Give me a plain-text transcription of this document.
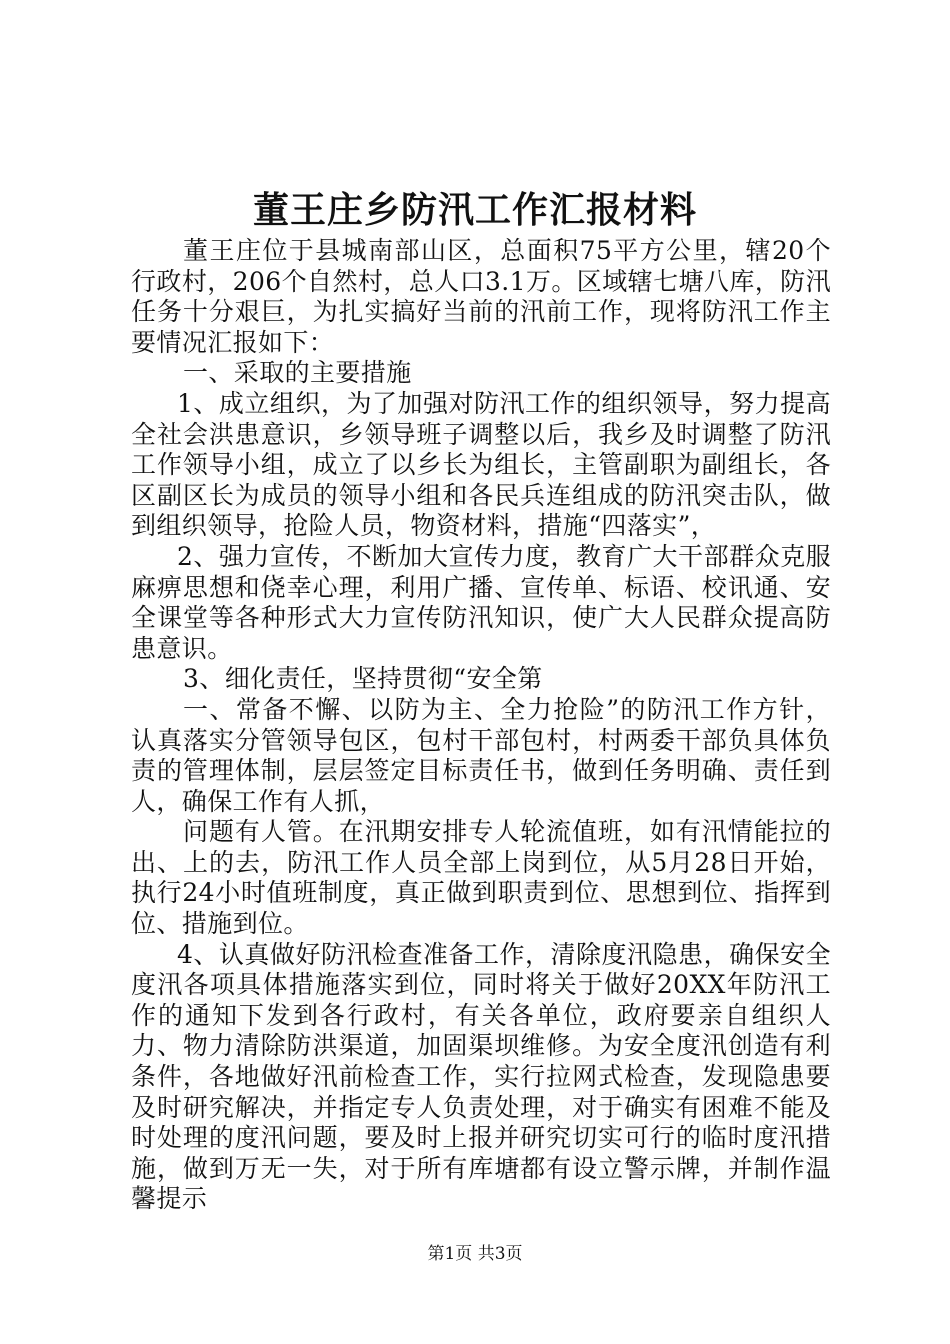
董王庄乡防汛工作汇报材料

董王庄位于县城南部山区，总面积75平方公里，辖20个行政村，206个自然村，总人口3.1万。区域辖七塘八库，防汛任务十分艰巨，为扎实搞好当前的汛前工作，现将防汛工作主要情况汇报如下：

一、采取的主要措施

1、成立组织，为了加强对防汛工作的组织领导，努力提高全社会洪患意识，乡领导班子调整以后，我乡及时调整了防汛工作领导小组，成立了以乡长为组长，主管副职为副组长，各区副区长为成员的领导小组和各民兵连组成的防汛突击队，做到组织领导，抢险人员，物资材料，措施“四落实”，

2、强力宣传，不断加大宣传力度，教育广大干部群众克服麻痹思想和侥幸心理，利用广播、宣传单、标语、校讯通、安全课堂等各种形式大力宣传防汛知识，使广大人民群众提高防患意识。

3、细化责任，坚持贯彻“安全第

一、常备不懈、以防为主、全力抢险”的防汛工作方针，认真落实分管领导包区，包村干部包村，村两委干部负具体负责的管理体制，层层签定目标责任书，做到任务明确、责任到人，确保工作有人抓，

问题有人管。在汛期安排专人轮流值班，如有汛情能拉的出、上的去，防汛工作人员全部上岗到位，从5月28日开始，执行24小时值班制度，真正做到职责到位、思想到位、指挥到位、措施到位。

4、认真做好防汛检查准备工作，清除度汛隐患，确保安全度汛各项具体措施落实到位，同时将关于做好20XX年防汛工作的通知下发到各行政村，有关各单位，政府要亲自组织人力、物力清除防洪渠道，加固渠坝维修。为安全度汛创造有利条件，各地做好汛前检查工作，实行拉网式检查，发现隐患要及时研究解决，并指定专人负责处理，对于确实有困难不能及时处理的度汛问题，要及时上报并研究切实可行的临时度汛措施，做到万无一失，对于所有库塘都有设立警示牌，并制作温馨提示

第1页 共3页
